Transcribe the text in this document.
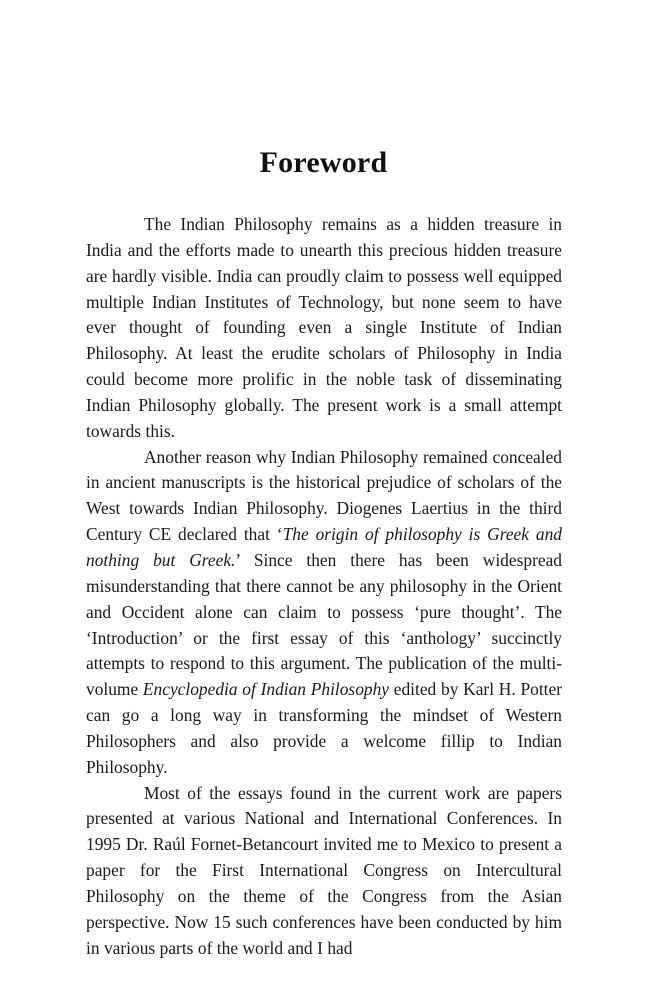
Foreword

The Indian Philosophy remains as a hidden treasure in India and the efforts made to unearth this precious hidden treasure are hardly visible. India can proudly claim to possess well equipped multiple Indian Institutes of Technology, but none seem to have ever thought of founding even a single Institute of Indian Philosophy. At least the erudite scholars of Philosophy in India could become more prolific in the noble task of disseminating Indian Philosophy globally. The present work is a small attempt towards this.

Another reason why Indian Philosophy remained concealed in ancient manuscripts is the historical prejudice of scholars of the West towards Indian Philosophy. Diogenes Laertius in the third Century CE declared that ‘The origin of philosophy is Greek and nothing but Greek.’ Since then there has been widespread misunderstanding that there cannot be any philosophy in the Orient and Occident alone can claim to possess ‘pure thought’. The ‘Introduction’ or the first essay of this ‘anthology’ succinctly attempts to respond to this argument. The publication of the multi-volume Encyclopedia of Indian Philosophy edited by Karl H. Potter can go a long way in transforming the mindset of Western Philosophers and also provide a welcome fillip to Indian Philosophy.

Most of the essays found in the current work are papers presented at various National and International Conferences. In 1995 Dr. Raúl Fornet-Betancourt invited me to Mexico to present a paper for the First International Congress on Intercultural Philosophy on the theme of the Congress from the Asian perspective. Now 15 such conferences have been conducted by him in various parts of the world and I had
